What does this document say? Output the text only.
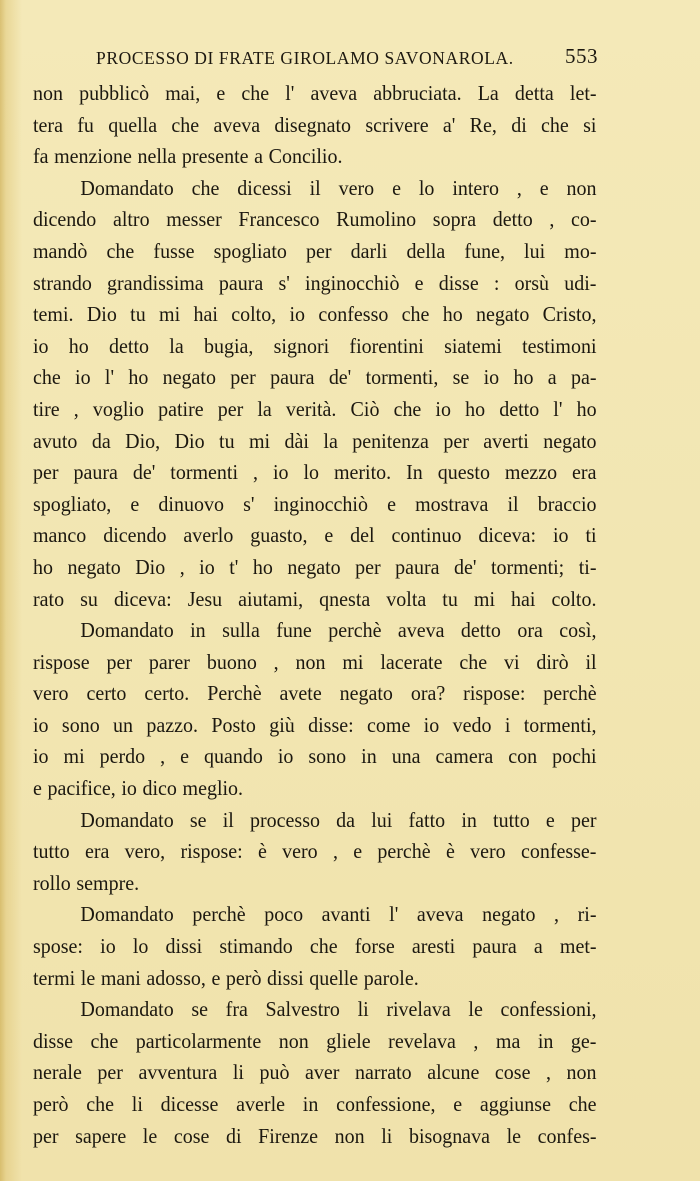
PROCESSO DI FRATE GIROLAMO SAVONAROLA. 553
non pubblicò mai, e che l' aveva abbruciata. La detta let-
tera fu quella che aveva disegnato scrivere a' Re, di che si
fa menzione nella presente a Concilio.
Domandato che dicessi il vero e lo intero , e non
dicendo altro messer Francesco Rumolino sopra detto , co-
mandò che fusse spogliato per darli della fune, lui mo-
strando grandissima paura s' inginocchiò e disse : orsù udi-
temi. Dio tu mi hai colto, io confesso che ho negato Cristo,
io ho detto la bugia, signori fiorentini siatemi testimoni
che io l' ho negato per paura de' tormenti, se io ho a pa-
tire , voglio patire per la verità. Ciò che io ho detto l' ho
avuto da Dio, Dio tu mi dài la penitenza per averti negato
per paura de' tormenti , io lo merito. In questo mezzo era
spogliato, e dinuovo s' inginocchiò e mostrava il braccio
manco dicendo averlo guasto, e del continuo diceva: io ti
ho negato Dio , io t' ho negato per paura de' tormenti; ti-
rato su diceva: Jesu aiutami, qnesta volta tu mi hai colto.
Domandato in sulla fune perchè aveva detto ora così,
rispose per parer buono , non mi lacerate che vi dirò il
vero certo certo. Perchè avete negato ora? rispose: perchè
io sono un pazzo. Posto giù disse: come io vedo i tormenti,
io mi perdo , e quando io sono in una camera con pochi
e pacifice, io dico meglio.
Domandato se il processo da lui fatto in tutto e per
tutto era vero, rispose: è vero , e perchè è vero confesse-
rollo sempre.
Domandato perchè poco avanti l' aveva negato , ri-
spose: io lo dissi stimando che forse aresti paura a met-
termi le mani adosso, e però dissi quelle parole.
Domandato se fra Salvestro li rivelava le confessioni,
disse che particolarmente non gliele revelava , ma in ge-
nerale per avventura li può aver narrato alcune cose , non
però che li dicesse averle in confessione, e aggiunse che
per sapere le cose di Firenze non li bisognava le confes-
